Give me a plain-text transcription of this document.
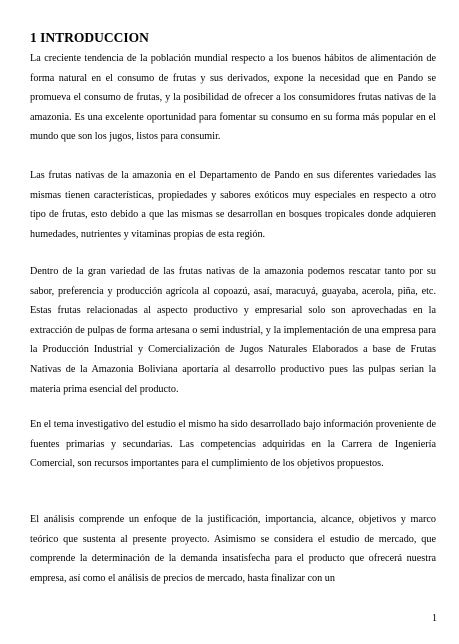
1 INTRODUCCION

La creciente tendencia de la población mundial respecto a los buenos hábitos de alimentación de forma natural en el consumo de frutas y sus derivados, expone la necesidad que en Pando se promueva el consumo de frutas, y la posibilidad de ofrecer a los consumidores frutas nativas de la amazonia. Es una excelente oportunidad para fomentar su consumo en su forma más popular en el mundo que son los jugos, listos para consumir.

Las frutas nativas de la amazonia en el Departamento de Pando en sus diferentes variedades las mismas tienen características, propiedades y sabores exóticos muy especiales en respecto a otro tipo de frutas, esto debido a que las mismas se desarrollan en bosques tropicales donde adquieren humedades, nutrientes y vitaminas propias de esta región.

Dentro de la gran variedad de las frutas nativas de la amazonia podemos rescatar tanto por su sabor, preferencia y producción agrícola al copoazú, asaí, maracuyá, guayaba, acerola, piña, etc. Estas frutas relacionadas al aspecto productivo y empresarial solo son aprovechadas en la extracción de pulpas de forma artesana o semi industrial, y la implementación de una empresa para la Producción Industrial y Comercialización de Jugos Naturales Elaborados a base de Frutas Nativas de la Amazonia Boliviana aportaría al desarrollo productivo pues las pulpas serian la materia prima esencial del producto.

En el tema investigativo del estudio el mismo ha sido desarrollado bajo información proveniente de fuentes primarias y secundarias. Las competencias adquiridas en la Carrera de Ingeniería Comercial, son recursos importantes para el cumplimiento de los objetivos propuestos.

El análisis comprende un enfoque de la justificación, importancia, alcance, objetivos y marco teórico que sustenta al presente proyecto. Asimismo se considera el estudio de mercado, que comprende la determinación de la demanda insatisfecha para el producto que ofrecerá nuestra empresa, así como el análisis de precios de mercado, hasta finalizar con un

1
